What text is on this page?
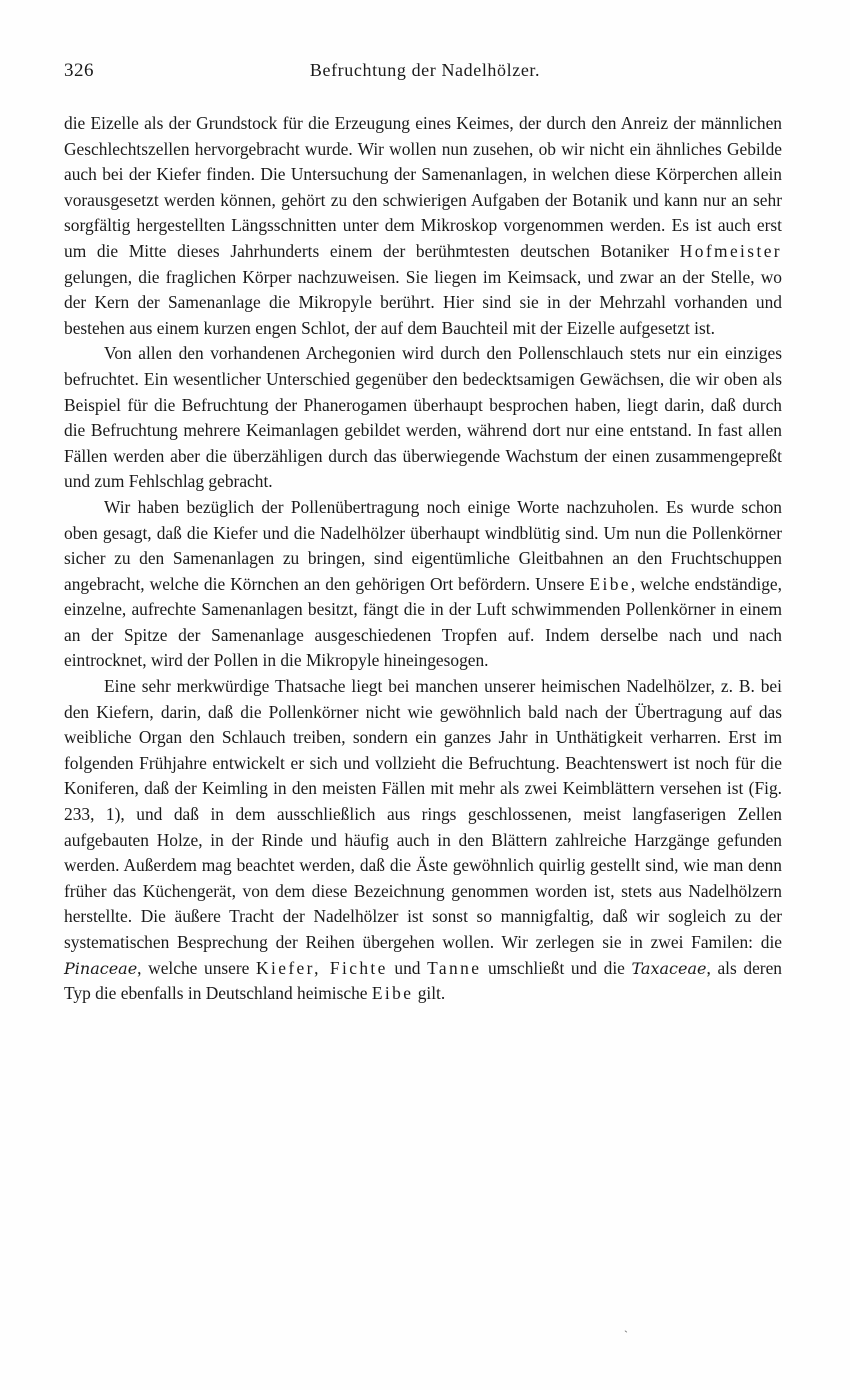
326	Befruchtung der Nadelhölzer.

die Eizelle als der Grundstock für die Erzeugung eines Keimes, der durch den Anreiz der männlichen Geschlechtszellen hervorgebracht wurde. Wir wollen nun zusehen, ob wir nicht ein ähnliches Gebilde auch bei der Kiefer finden. Die Untersuchung der Samenanlagen, in welchen diese Körperchen allein vorausgesetzt werden können, gehört zu den schwierigen Aufgaben der Botanik und kann nur an sehr sorgfältig hergestellten Längsschnitten unter dem Mikroskop vorgenommen werden. Es ist auch erst um die Mitte dieses Jahrhunderts einem der berühmtesten deutschen Botaniker Hofmeister gelungen, die fraglichen Körper nachzuweisen. Sie liegen im Keimsack, und zwar an der Stelle, wo der Kern der Samenanlage die Mikropyle berührt. Hier sind sie in der Mehrzahl vorhanden und bestehen aus einem kurzen engen Schlot, der auf dem Bauchteil mit der Eizelle aufgesetzt ist.

Von allen den vorhandenen Archegonien wird durch den Pollenschlauch stets nur ein einziges befruchtet. Ein wesentlicher Unterschied gegenüber den bedecktsamigen Gewächsen, die wir oben als Beispiel für die Befruchtung der Phanerogamen überhaupt besprochen haben, liegt darin, daß durch die Befruchtung mehrere Keimanlagen gebildet werden, während dort nur eine entstand. In fast allen Fällen werden aber die überzähligen durch das überwiegende Wachstum der einen zusammengepreßt und zum Fehlschlag gebracht.

Wir haben bezüglich der Pollenübertragung noch einige Worte nachzuholen. Es wurde schon oben gesagt, daß die Kiefer und die Nadelhölzer überhaupt windblütig sind. Um nun die Pollenkörner sicher zu den Samenanlagen zu bringen, sind eigentümliche Gleitbahnen an den Fruchtschuppen angebracht, welche die Körnchen an den gehörigen Ort befördern. Unsere Eibe, welche endständige, einzelne, aufrechte Samenanlagen besitzt, fängt die in der Luft schwimmenden Pollenkörner in einem an der Spitze der Samenanlage ausgeschiedenen Tropfen auf. Indem derselbe nach und nach eintrocknet, wird der Pollen in die Mikropyle hineingesogen.

Eine sehr merkwürdige Thatsache liegt bei manchen unserer heimischen Nadelhölzer, z. B. bei den Kiefern, darin, daß die Pollenkörner nicht wie gewöhnlich bald nach der Übertragung auf das weibliche Organ den Schlauch treiben, sondern ein ganzes Jahr in Unthätigkeit verharren. Erst im folgenden Frühjahre entwickelt er sich und vollzieht die Befruchtung. Beachtenswert ist noch für die Koniferen, daß der Keimling in den meisten Fällen mit mehr als zwei Keimblättern versehen ist (Fig. 233, 1), und daß in dem ausschließlich aus rings geschlossenen, meist langfaserigen Zellen aufgebauten Holze, in der Rinde und häufig auch in den Blättern zahlreiche Harzgänge gefunden werden. Außerdem mag beachtet werden, daß die Äste gewöhnlich quirlig gestellt sind, wie man denn früher das Küchengerät, von dem diese Bezeichnung genommen worden ist, stets aus Nadelhölzern herstellte. Die äußere Tracht der Nadelhölzer ist sonst so mannigfaltig, daß wir sogleich zu der systematischen Besprechung der Reihen übergehen wollen. Wir zerlegen sie in zwei Familen: die Pinaceae, welche unsere Kiefer, Fichte und Tanne umschließt und die Taxaceae, als deren Typ die ebenfalls in Deutschland heimische Eibe gilt.

ˋ
